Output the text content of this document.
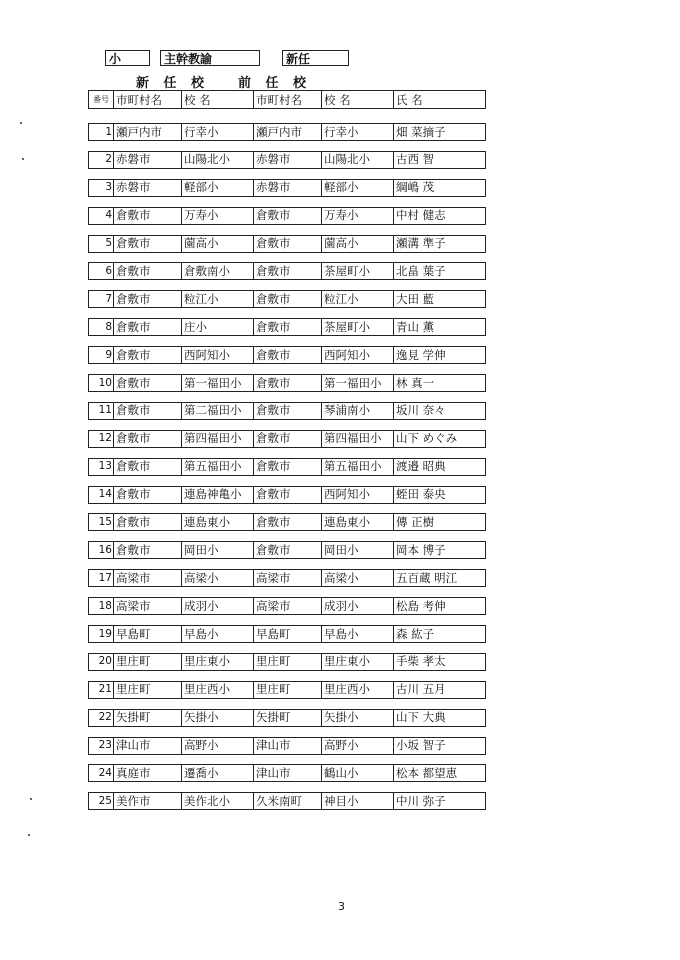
小	主幹教諭	新任
新 任 校 前 任 校
番号	市町村名	校 名	市町村名	校 名	氏 名

1	瀬戸内市	行幸小	瀬戸内市	行幸小	畑 菜摘子

2	赤磐市	山陽北小	赤磐市	山陽北小	古西 智

3	赤磐市	軽部小	赤磐市	軽部小	綱嶋 茂

4	倉敷市	万寿小	倉敷市	万寿小	中村 健志

5	倉敷市	薗高小	倉敷市	薗高小	瀬溝 準子

6	倉敷市	倉敷南小	倉敷市	茶屋町小	北畠 葉子

7	倉敷市	粒江小	倉敷市	粒江小	大田 藍

8	倉敷市	庄小	倉敷市	茶屋町小	青山 薫

9	倉敷市	西阿知小	倉敷市	西阿知小	逸見 学伸

10	倉敷市	第一福田小	倉敷市	第一福田小	林 真一

11	倉敷市	第二福田小	倉敷市	琴浦南小	坂川 奈々

12	倉敷市	第四福田小	倉敷市	第四福田小	山下 めぐみ

13	倉敷市	第五福田小	倉敷市	第五福田小	渡邉 昭典

14	倉敷市	連島神亀小	倉敷市	西阿知小	蛭田 泰央

15	倉敷市	連島東小	倉敷市	連島東小	傳 正樹

16	倉敷市	岡田小	倉敷市	岡田小	岡本 博子

17	高梁市	高梁小	高梁市	高梁小	五百蔵 明江

18	高梁市	成羽小	高梁市	成羽小	松島 考伸

19	早島町	早島小	早島町	早島小	森 紘子

20	里庄町	里庄東小	里庄町	里庄東小	手柴 孝太

21	里庄町	里庄西小	里庄町	里庄西小	古川 五月

22	矢掛町	矢掛小	矢掛町	矢掛小	山下 大典

23	津山市	高野小	津山市	高野小	小坂 智子

24	真庭市	遷喬小	津山市	鶴山小	松本 都望恵

25	美作市	美作北小	久米南町	神目小	中川 弥子
3
